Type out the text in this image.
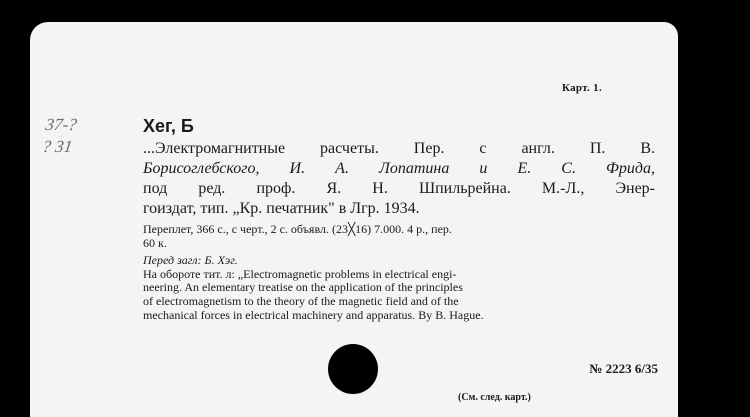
Карт. 1.
37-?
? 31
Хег, Б

...Электромагнитные расчеты. Пер. с англ. П. В.

Борисоглебского, И. А. Лопатина и Е. С. Фрида,

под ред. проф. Я. Н. Шпильрейна. М.-Л., Энер-

гоиздат, тип. „Кр. печатник" в Лгр. 1934.

Переплет, 366 с., с черт., 2 с. объявл. (23╳16) 7.000. 4 р., пер.

60 к.

Перед загл: Б. Хэг.

На обороте тит. л: „Electromagnetic problems in electrical engi-

neering. An elementary treatise on the application of the principles

of electromagnetism to the theory of the magnetic field and of the

mechanical forces in electrical machinery and apparatus. By B. Hague.

№ 2223 6/35
(См. след. карт.)
